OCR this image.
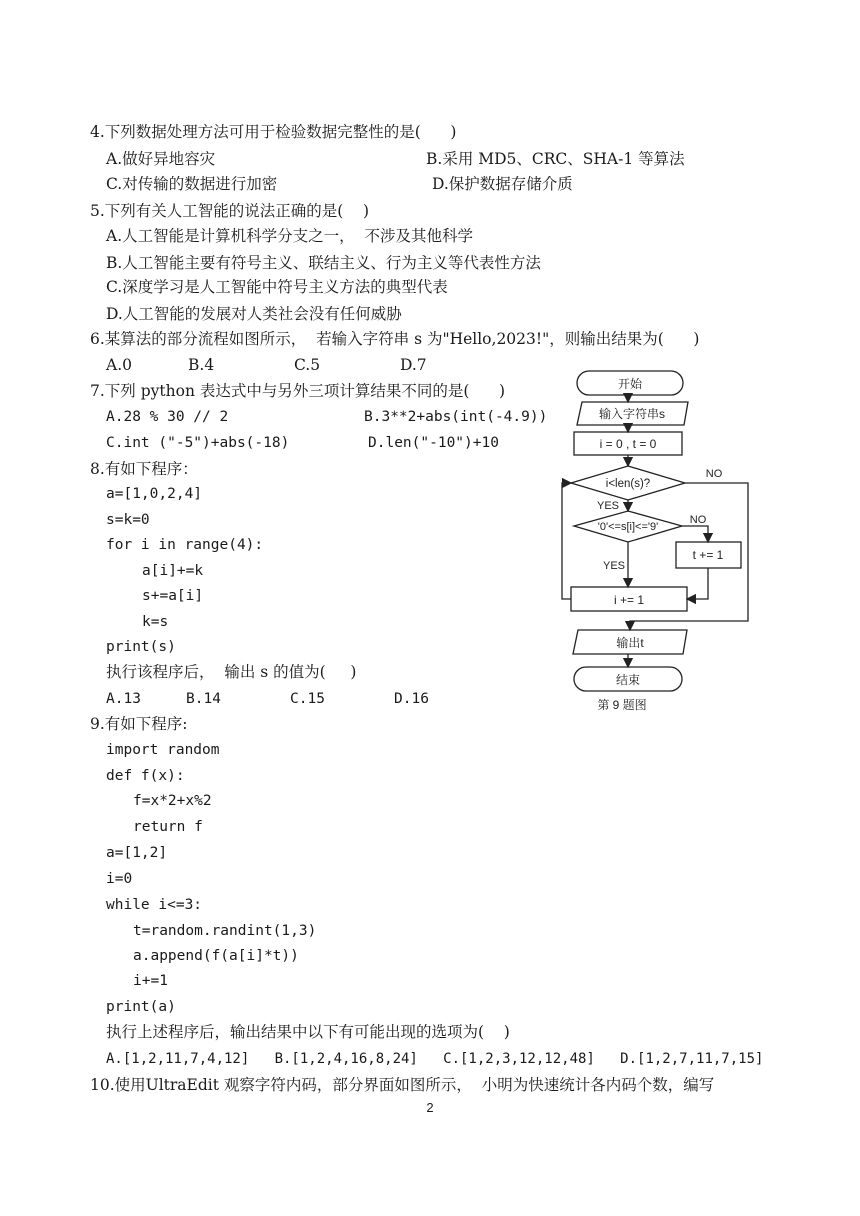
4.下列数据处理方法可用于检验数据完整性的是(      )
A.做好异地容灾	B.采用 MD5、CRC、SHA-1 等算法
C.对传输的数据进行加密	D.保护数据存储介质
5.下列有关人工智能的说法正确的是(    )
A.人工智能是计算机科学分支之一，  不涉及其他科学
B.人工智能主要有符号主义、联结主义、行为主义等代表性方法
C.深度学习是人工智能中符号主义方法的典型代表
D.人工智能的发展对人类社会没有任何威胁
6.某算法的部分流程如图所示，  若输入字符串 s 为"Hello,2023!"，则输出结果为(      )
A.0	B.4	C.5	D.7
7.下列 python 表达式中与另外三项计算结果不同的是(      )
A.28 % 30 // 2	B.3**2+abs(int(-4.9))
C.int ("-5")+abs(-18)	D.len("-10")+10
8.有如下程序：
a=[1,0,2,4]
s=k=0
for i in range(4):
a[i]+=k
s+=a[i]
k=s
print(s)
执行该程序后，  输出 s 的值为(     )
A.13	B.14	C.15	D.16
9.有如下程序:
import random
def f(x):
f=x*2+x%2
return f
a=[1,2]
i=0
while i<=3:
t=random.randint(1,3)
a.append(f(a[i]*t))
i+=1
print(a)
执行上述程序后，输出结果中以下有可能出现的选项为(    )
A.[1,2,11,7,4,12]   B.[1,2,4,16,8,24]   C.[1,2,3,12,12,48]   D.[1,2,7,11,7,15]
10.使用UltraEdit 观察字符内码，部分界面如图所示，  小明为快速统计各内码个数，编写
2
开始
输入字符串s
i = 0 , t = 0
i<len(s)?
'0'<=s[i]<='9'
t += 1
i += 1
输出t
结束
NO
YES
NO
YES
第 9 题图
